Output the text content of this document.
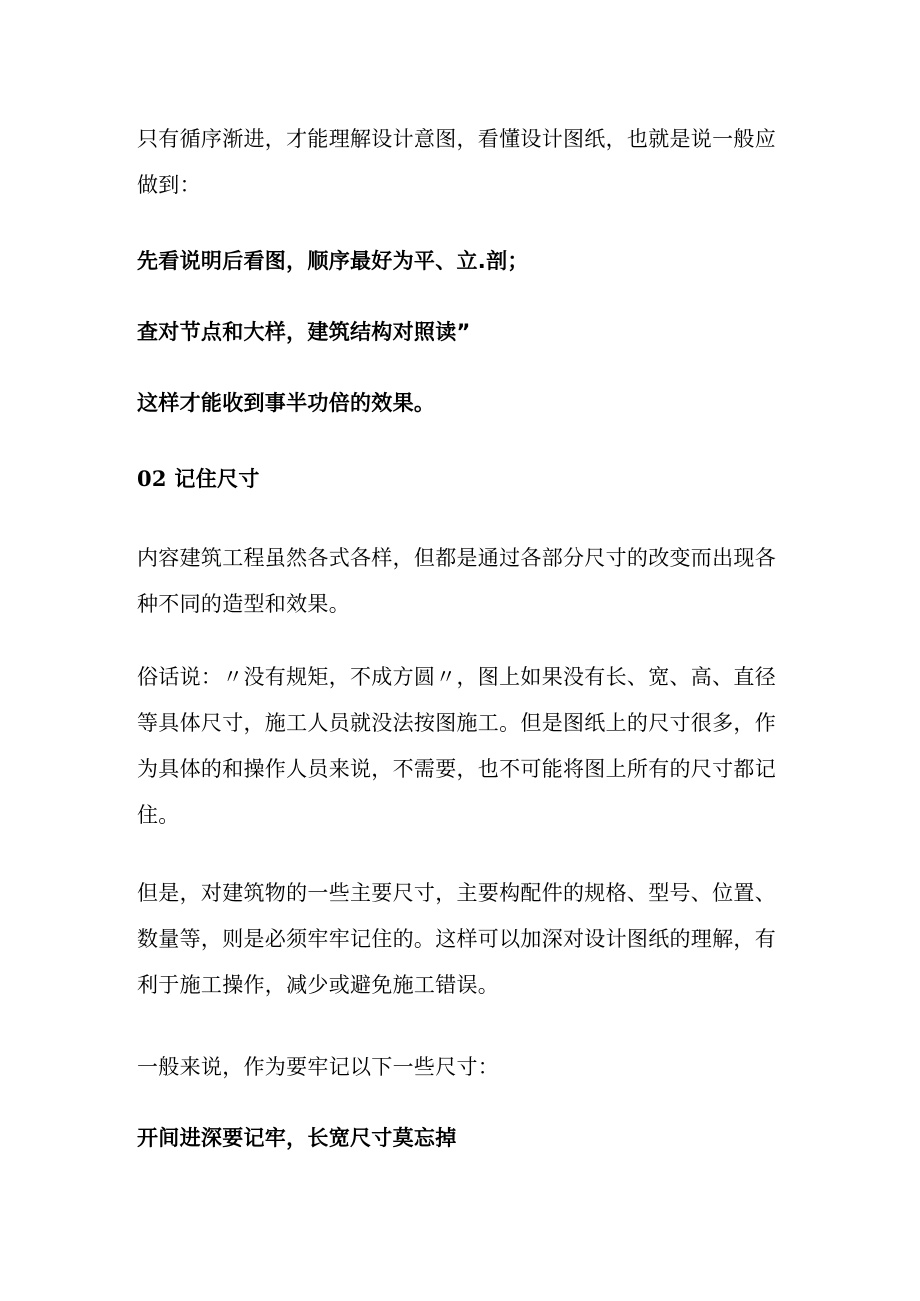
只有循序渐进，才能理解设计意图，看懂设计图纸，也就是说一般应做到：

先看说明后看图，顺序最好为平、立.剖；

查对节点和大样，建筑结构对照读”

这样才能收到事半功倍的效果。

02 记住尺寸

内容建筑工程虽然各式各样，但都是通过各部分尺寸的改变而出现各种不同的造型和效果。

俗话说：〃没有规矩，不成方圆〃，图上如果没有长、宽、高、直径等具体尺寸，施工人员就没法按图施工。但是图纸上的尺寸很多，作为具体的和操作人员来说，不需要，也不可能将图上所有的尺寸都记住。

但是，对建筑物的一些主要尺寸，主要构配件的规格、型号、位置、数量等，则是必须牢牢记住的。这样可以加深对设计图纸的理解，有利于施工操作，减少或避免施工错误。

一般来说，作为要牢记以下一些尺寸：

开间进深要记牢，长宽尺寸莫忘掉
